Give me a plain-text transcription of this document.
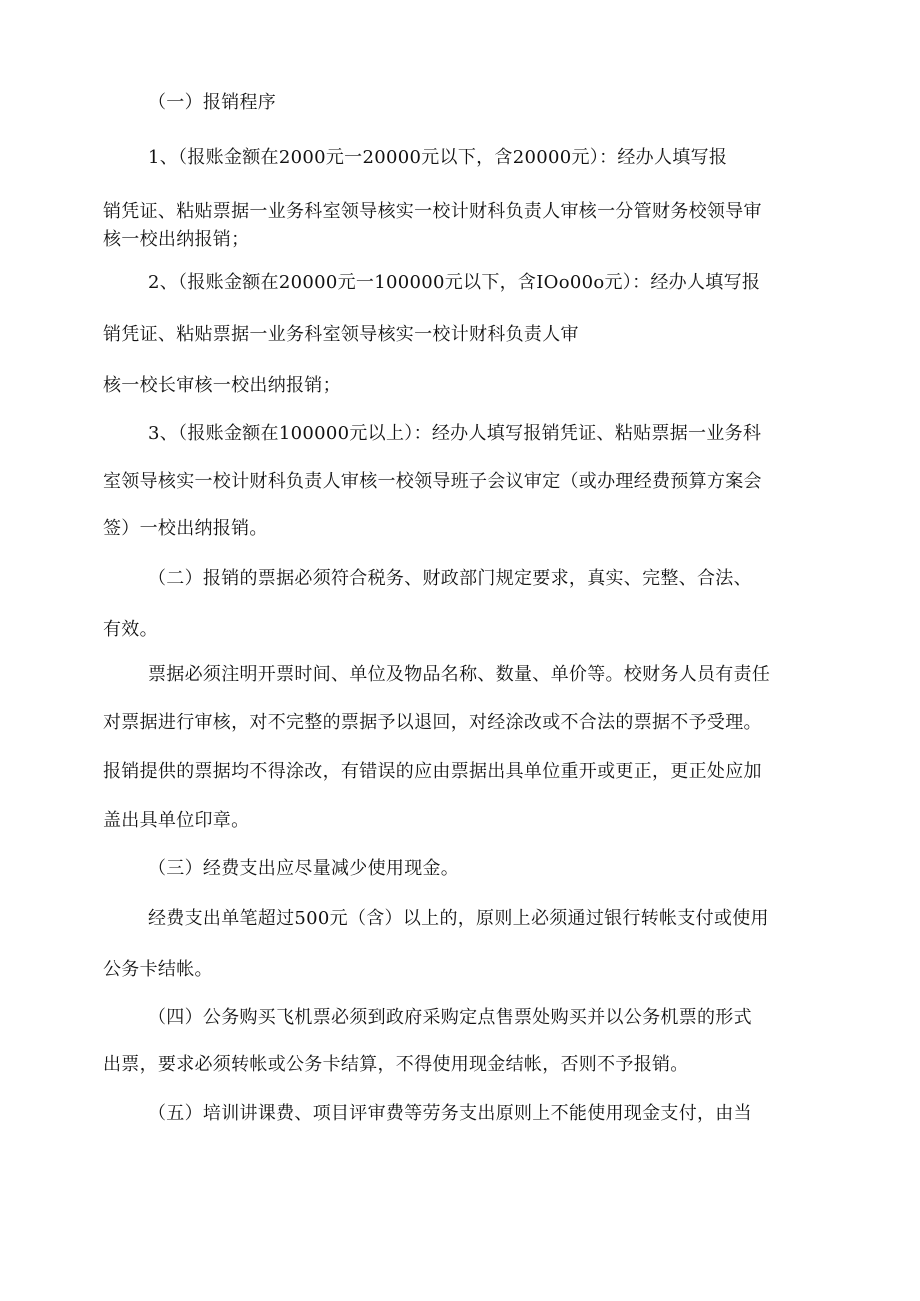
（一）报销程序
1、（报账金额在2000元一20000元以下，含20000元）：经办人填写报
销凭证、粘贴票据一业务科室领导核实一校计财科负责人审核一分管财务校领导审
核一校出纳报销；
2、（报账金额在20000元一100000元以下，含IOo00o元）：经办人填写报
销凭证、粘贴票据一业务科室领导核实一校计财科负责人审
核一校长审核一校出纳报销；
3、（报账金额在100000元以上）：经办人填写报销凭证、粘贴票据一业务科
室领导核实一校计财科负责人审核一校领导班子会议审定（或办理经费预算方案会
签）一校出纳报销。
（二）报销的票据必须符合税务、财政部门规定要求，真实、完整、合法、
有效。
票据必须注明开票时间、单位及物品名称、数量、单价等。校财务人员有责任
对票据进行审核，对不完整的票据予以退回，对经涂改或不合法的票据不予受理。
报销提供的票据均不得涂改，有错误的应由票据出具单位重开或更正，更正处应加
盖出具单位印章。
（三）经费支出应尽量减少使用现金。
经费支出单笔超过500元（含）以上的，原则上必须通过银行转帐支付或使用
公务卡结帐。
（四）公务购买飞机票必须到政府采购定点售票处购买并以公务机票的形式
出票，要求必须转帐或公务卡结算，不得使用现金结帐，否则不予报销。
（五）培训讲课费、项目评审费等劳务支出原则上不能使用现金支付，由当
